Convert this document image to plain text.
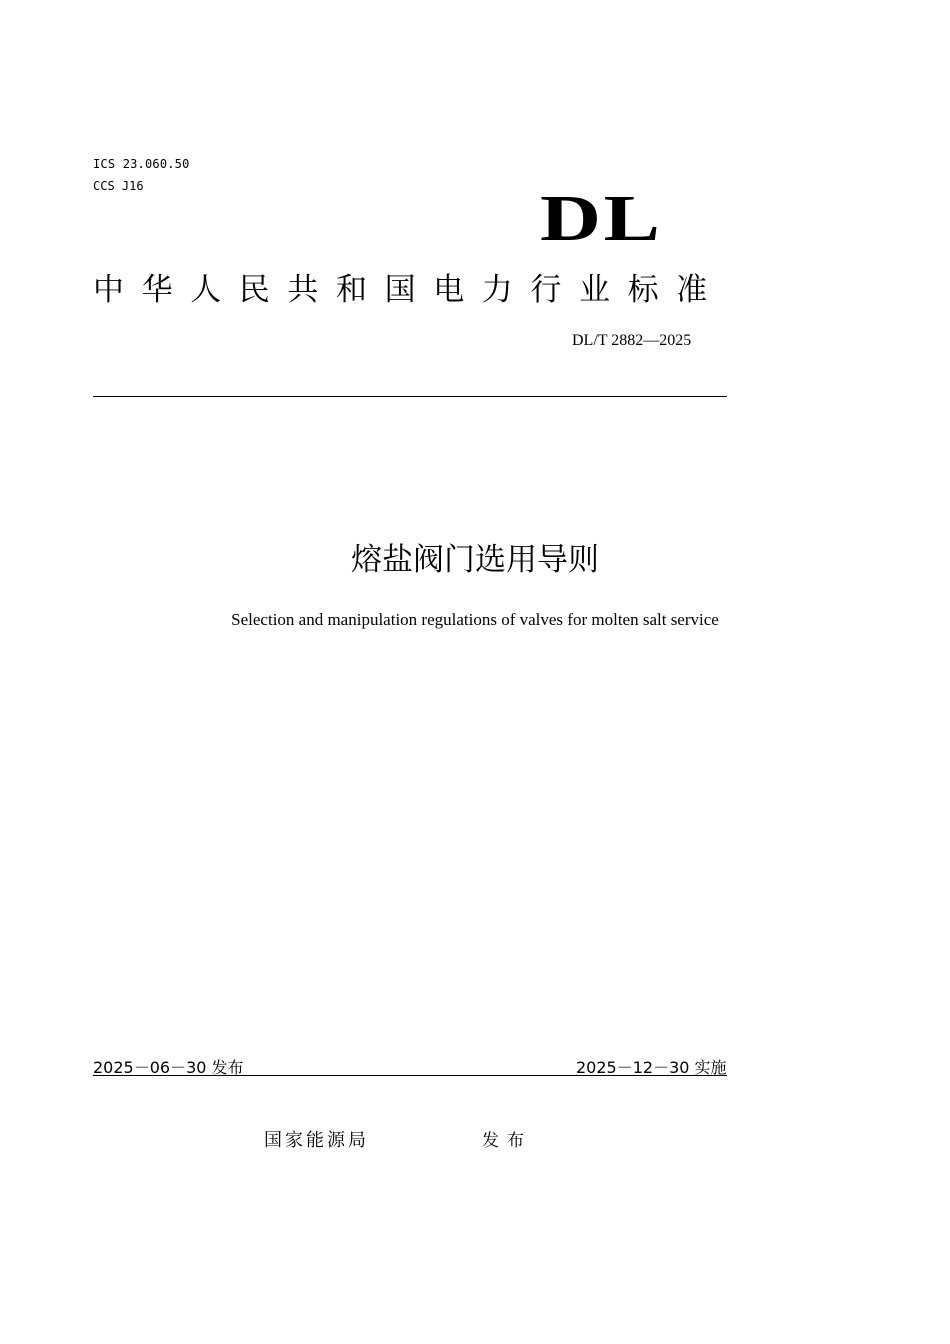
ICS 23.060.50
CCS J16	DL
中华人民共和国电力行业标准
DL/T 2882—2025
熔盐阀门选用导则
Selection and manipulation regulations of valves for molten salt service
2025－06－30 发布	2025－12－30 实施
国家能源局	发布
